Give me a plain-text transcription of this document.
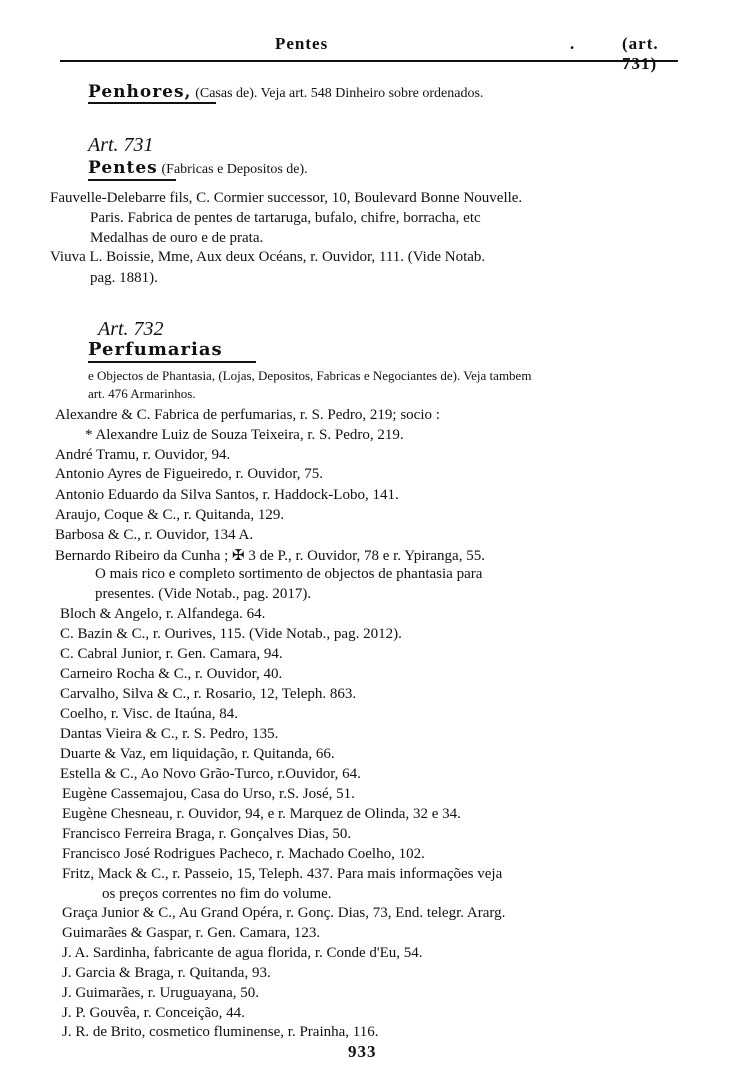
Pentes	.	(art. 731)
Penhores, (Casas de). Veja art. 548 Dinheiro sobre ordenados.
Art. 731
Pentes (Fabricas e Depositos de).
Fauvelle-Delebarre fils, C. Cormier successor, 10, Boulevard Bonne Nouvelle.
Paris. Fabrica de pentes de tartaruga, bufalo, chifre, borracha, etc
Medalhas de ouro e de prata.
Viuva L. Boissie, Mme, Aux deux Océans, r. Ouvidor, 111. (Vide Notab.
pag. 1881).
Art. 732
Perfumarias
e Objectos de Phantasia, (Lojas, Depositos, Fabricas e Negociantes de). Veja tambem
art. 476 Armarinhos.
Alexandre & C. Fabrica de perfumarias, r. S. Pedro, 219; socio :
* Alexandre Luiz de Souza Teixeira, r. S. Pedro, 219.
André Tramu, r. Ouvidor, 94.
Antonio Ayres de Figueiredo, r. Ouvidor, 75.
Antonio Eduardo da Silva Santos, r. Haddock-Lobo, 141.
Araujo, Coque & C., r. Quitanda, 129.
Barbosa & C., r. Ouvidor, 134 A.
Bernardo Ribeiro da Cunha ; ✠ 3 de P., r. Ouvidor, 78 e r. Ypiranga, 55.
O mais rico e completo sortimento de objectos de phantasia para
presentes. (Vide Notab., pag. 2017).
Bloch & Angelo, r. Alfandega. 64.
C. Bazin & C., r. Ourives, 115. (Vide Notab., pag. 2012).
C. Cabral Junior, r. Gen. Camara, 94.
Carneiro Rocha & C., r. Ouvidor, 40.
Carvalho, Silva & C., r. Rosario, 12, Teleph. 863.
Coelho, r. Visc. de Itaúna, 84.
Dantas Vieira & C., r. S. Pedro, 135.
Duarte & Vaz, em liquidação, r. Quitanda, 66.
Estella & C., Ao Novo Grão-Turco, r.Ouvidor, 64.
Eugène Cassemajou, Casa do Urso, r.S. José, 51.
Eugène Chesneau, r. Ouvidor, 94, e r. Marquez de Olinda, 32 e 34.
Francisco Ferreira Braga, r. Gonçalves Dias, 50.
Francisco José Rodrigues Pacheco, r. Machado Coelho, 102.
Fritz, Mack & C., r. Passeio, 15, Teleph. 437. Para mais informações veja
os preços correntes no fim do volume.
Graça Junior & C., Au Grand Opéra, r. Gonç. Dias, 73, End. telegr. Ararg.
Guimarães & Gaspar, r. Gen. Camara, 123.
J. A. Sardinha, fabricante de agua florida, r. Conde d'Eu, 54.
J. Garcia & Braga, r. Quitanda, 93.
J. Guimarães, r. Uruguayana, 50.
J. P. Gouvêa, r. Conceição, 44.
J. R. de Brito, cosmetico fluminense, r. Prainha, 116.
933
